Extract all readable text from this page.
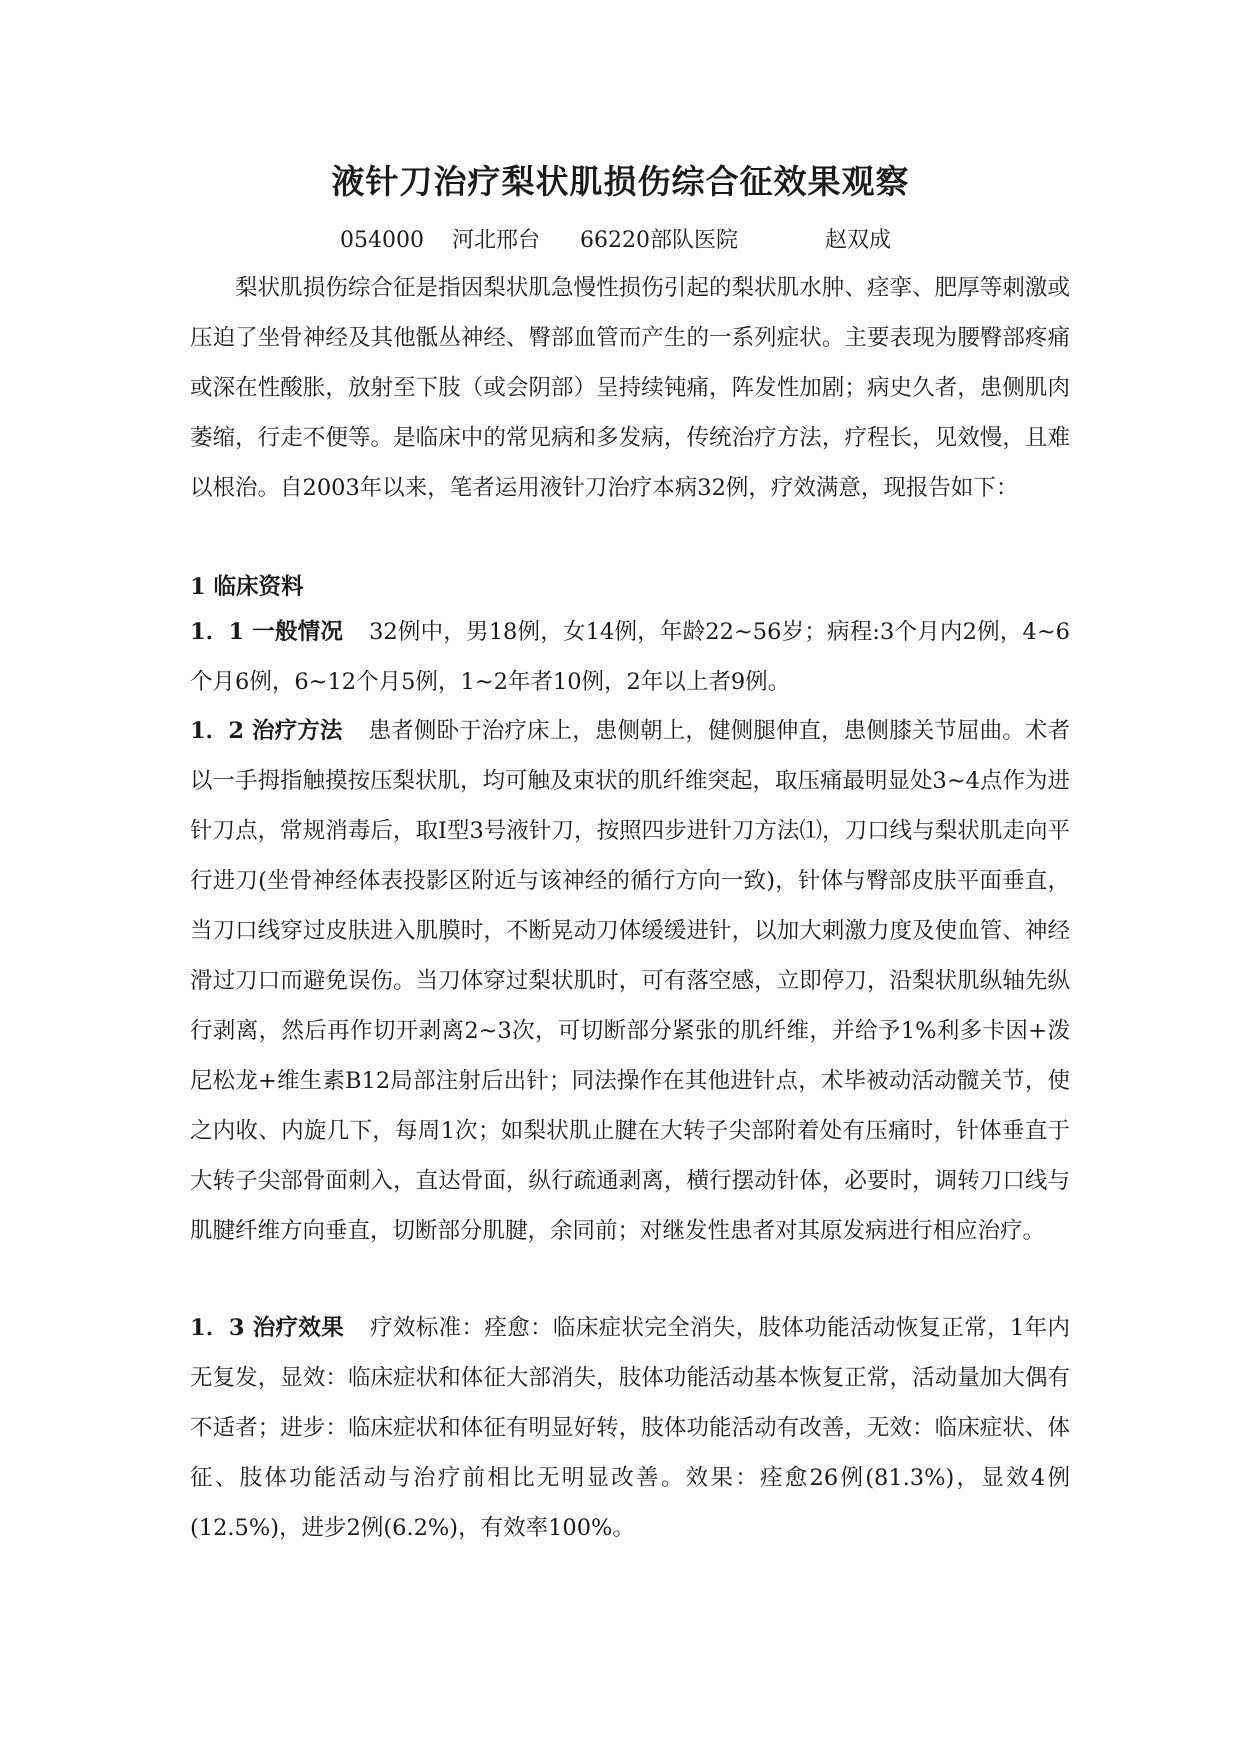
液针刀治疗梨状肌损伤综合征效果观察
054000 河北邢台 66220部队医院	赵双成

梨状肌损伤综合征是指因梨状肌急慢性损伤引起的梨状肌水肿、痉挛、肥厚等刺激或压迫了坐骨神经及其他骶丛神经、臀部血管而产生的一系列症状。主要表现为腰臀部疼痛或深在性酸胀，放射至下肢（或会阴部）呈持续钝痛，阵发性加剧；病史久者，患侧肌肉萎缩，行走不便等。是临床中的常见病和多发病，传统治疗方法，疗程长，见效慢，且难以根治。自2003年以来，笔者运用液针刀治疗本病32例，疗效满意，现报告如下：

1 临床资料

1．1 一般情况 32例中，男18例，女14例，年龄22~56岁；病程:3个月内2例，4~6个月6例，6~12个月5例，1~2年者10例，2年以上者9例。

1．2 治疗方法 患者侧卧于治疗床上，患侧朝上，健侧腿伸直，患侧膝关节屈曲。术者以一手拇指触摸按压梨状肌，均可触及束状的肌纤维突起，取压痛最明显处3~4点作为进针刀点，常规消毒后，取I型3号液针刀，按照四步进针刀方法⑴，刀口线与梨状肌走向平行进刀(坐骨神经体表投影区附近与该神经的循行方向一致)，针体与臀部皮肤平面垂直，当刀口线穿过皮肤进入肌膜时，不断晃动刀体缓缓进针，以加大刺激力度及使血管、神经滑过刀口而避免误伤。当刀体穿过梨状肌时，可有落空感，立即停刀，沿梨状肌纵轴先纵行剥离，然后再作切开剥离2~3次，可切断部分紧张的肌纤维，并给予1%利多卡因+泼尼松龙+维生素B12局部注射后出针；同法操作在其他进针点，术毕被动活动髋关节，使之内收、内旋几下，每周1次；如梨状肌止腱在大转子尖部附着处有压痛时，针体垂直于大转子尖部骨面刺入，直达骨面，纵行疏通剥离，横行摆动针体，必要时，调转刀口线与肌腱纤维方向垂直，切断部分肌腱，余同前；对继发性患者对其原发病进行相应治疗。

1．3 治疗效果 疗效标准：痊愈：临床症状完全消失，肢体功能活动恢复正常，1年内无复发，显效：临床症状和体征大部消失，肢体功能活动基本恢复正常，活动量加大偶有不适者；进步：临床症状和体征有明显好转，肢体功能活动有改善，无效：临床症状、体征、肢体功能活动与治疗前相比无明显改善。效果：痊愈26例(81.3%)，显效4例(12.5%)，进步2例(6.2%)，有效率100%。
